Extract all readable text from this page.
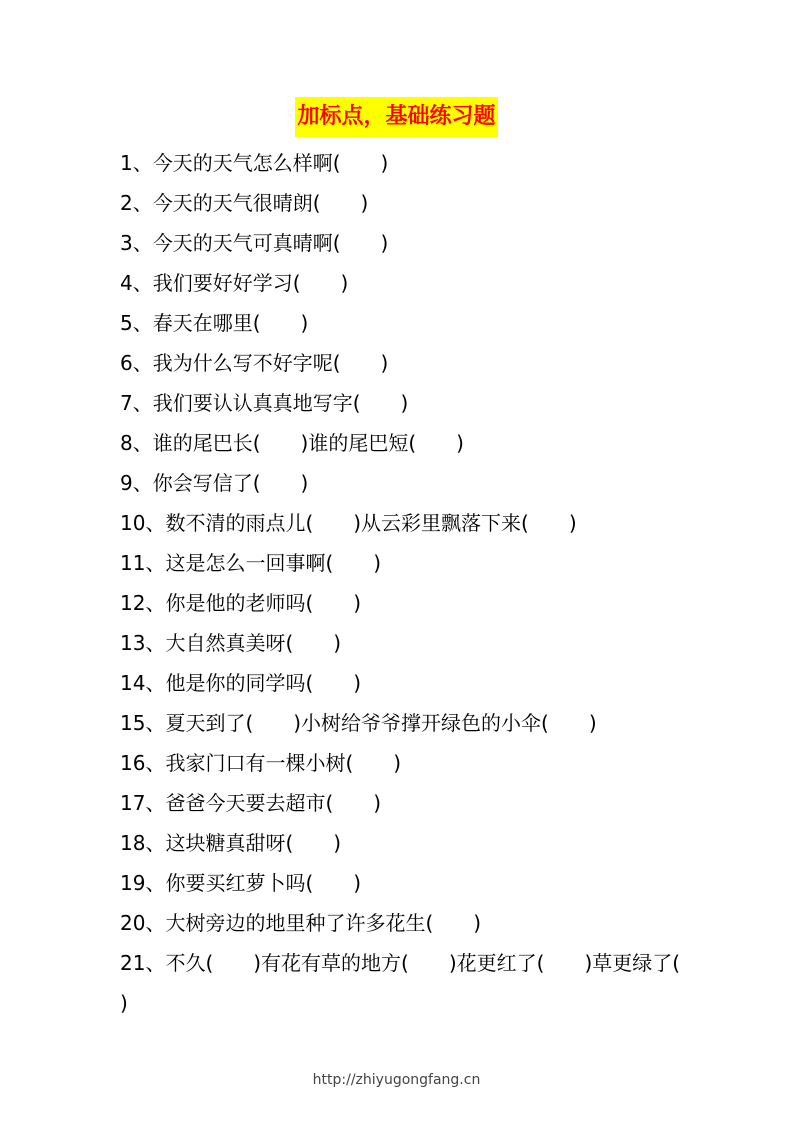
加标点，基础练习题
1、今天的天气怎么样啊(　　)
2、今天的天气很晴朗(　　)
3、今天的天气可真晴啊(　　)
4、我们要好好学习(　　)
5、春天在哪里(　　)
6、我为什么写不好字呢(　　)
7、我们要认认真真地写字(　　)
8、谁的尾巴长(　　)谁的尾巴短(　　)
9、你会写信了(　　)
10、数不清的雨点儿(　　)从云彩里飘落下来(　　)
11、这是怎么一回事啊(　　)
12、你是他的老师吗(　　)
13、大自然真美呀(　　)
14、他是你的同学吗(　　)
15、夏天到了(　　)小树给爷爷撑开绿色的小伞(　　)
16、我家门口有一棵小树(　　)
17、爸爸今天要去超市(　　)
18、这块糖真甜呀(　　)
19、你要买红萝卜吗(　　)
20、大树旁边的地里种了许多花生(　　)
21、不久(　　)有花有草的地方(　　)花更红了(　　)草更绿了(　　)
http://zhiyugongfang.cn
